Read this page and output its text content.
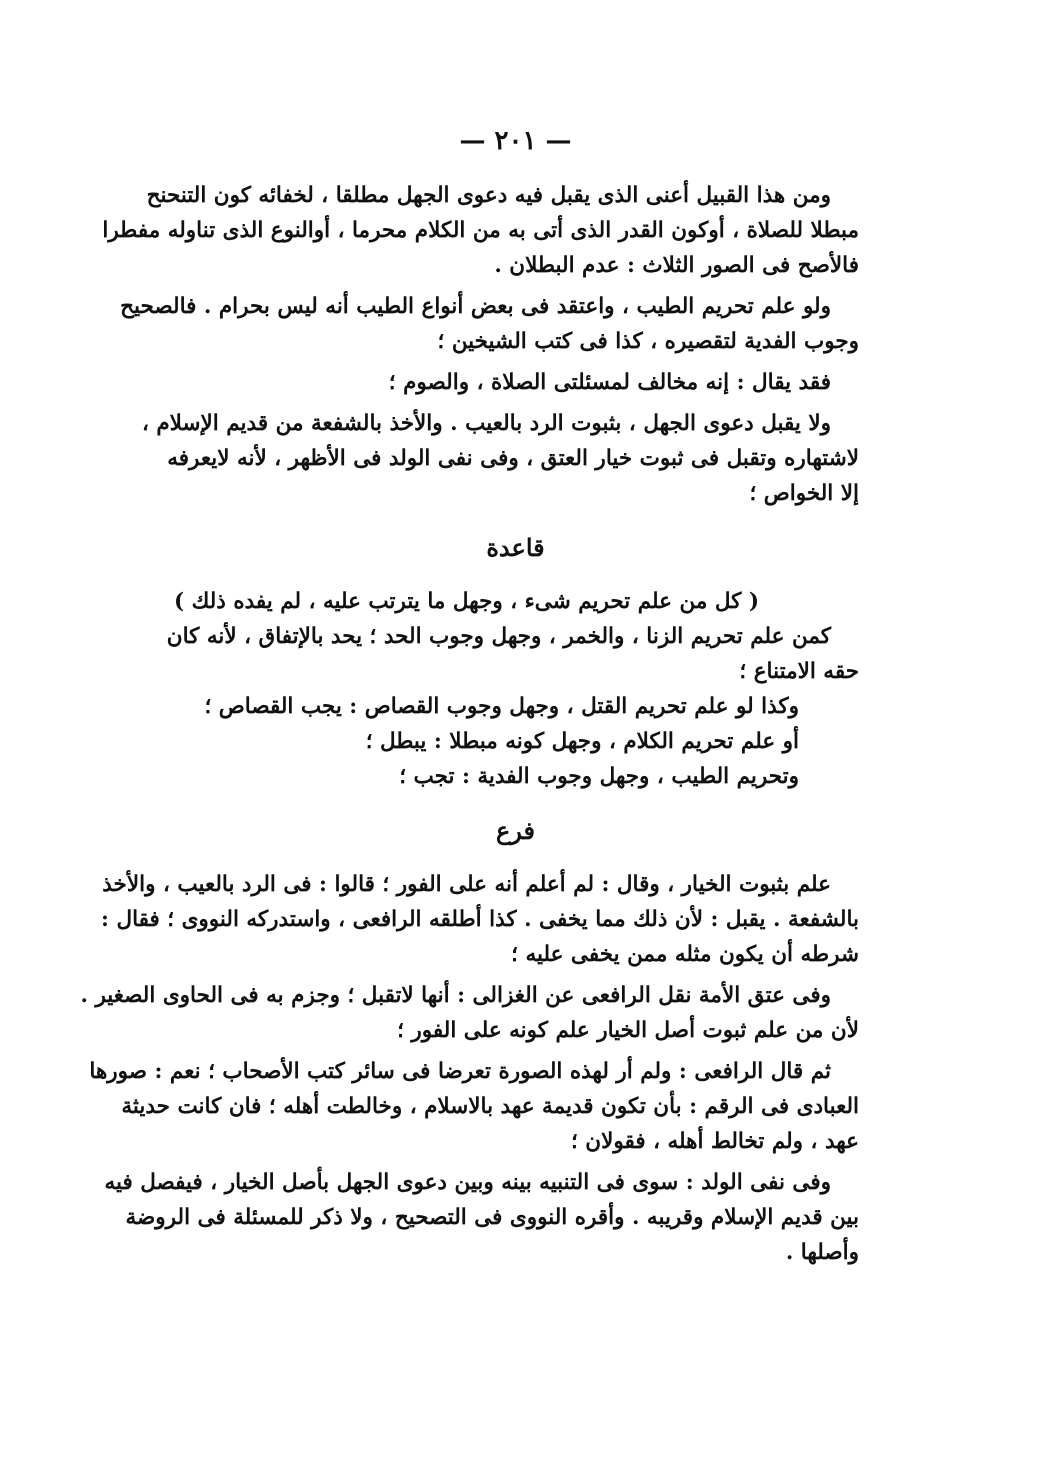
— ٢٠١ —
ومن هذا القبيل أعنى الذى يقبل فيه دعوى الجهل مطلقا ، لخفائه كون التنحنح
مبطلا للصلاة ، أوكون القدر الذى أتى به من الكلام محرما ، أوالنوع الذى تناوله مفطرا
فالأصح فى الصور الثلاث : عدم البطلان .
ولو علم تحريم الطيب ، واعتقد فى بعض أنواع الطيب أنه ليس بحرام . فالصحيح
وجوب الفدية لتقصيره ، كذا فى كتب الشيخين ؛
فقد يقال : إنه مخالف لمسئلتى الصلاة ، والصوم ؛
ولا يقبل دعوى الجهل ، بثبوت الرد بالعيب . والأخذ بالشفعة من قديم الإسلام ،
لاشتهاره وتقبل فى ثبوت خيار العتق ، وفى نفى الولد فى الأظهر ، لأنه لايعرفه
إلا الخواص ؛
قاعدة
( كل من علم تحريم شىء ، وجهل ما يترتب عليه ، لم يفده ذلك )
كمن علم تحريم الزنا ، والخمر ، وجهل وجوب الحد ؛ يحد بالإتفاق ، لأنه كان
حقه الامتناع ؛
وكذا لو علم تحريم القتل ، وجهل وجوب القصاص : يجب القصاص ؛
أو علم تحريم الكلام ، وجهل كونه مبطلا : يبطل ؛
وتحريم الطيب ، وجهل وجوب الفدية : تجب ؛
فرع
علم بثبوت الخيار ، وقال : لم أعلم أنه على الفور ؛ قالوا : فى الرد بالعيب ، والأخذ
بالشفعة . يقبل : لأن ذلك مما يخفى . كذا أطلقه الرافعى ، واستدركه النووى ؛ فقال :
شرطه أن يكون مثله ممن يخفى عليه ؛
وفى عتق الأمة نقل الرافعى عن الغزالى : أنها لاتقبل ؛ وجزم به فى الحاوى الصغير .
لأن من علم ثبوت أصل الخيار علم كونه على الفور ؛
ثم قال الرافعى : ولم أر لهذه الصورة تعرضا فى سائر كتب الأصحاب ؛ نعم : صورها
العبادى فى الرقم : بأن تكون قديمة عهد بالاسلام ، وخالطت أهله ؛ فان كانت حديثة
عهد ، ولم تخالط أهله ، فقولان ؛
وفى نفى الولد : سوى فى التنبيه بينه وبين دعوى الجهل بأصل الخيار ، فيفصل فيه
بين قديم الإسلام وقريبه . وأقره النووى فى التصحيح ، ولا ذكر للمسئلة فى الروضة
وأصلها .
